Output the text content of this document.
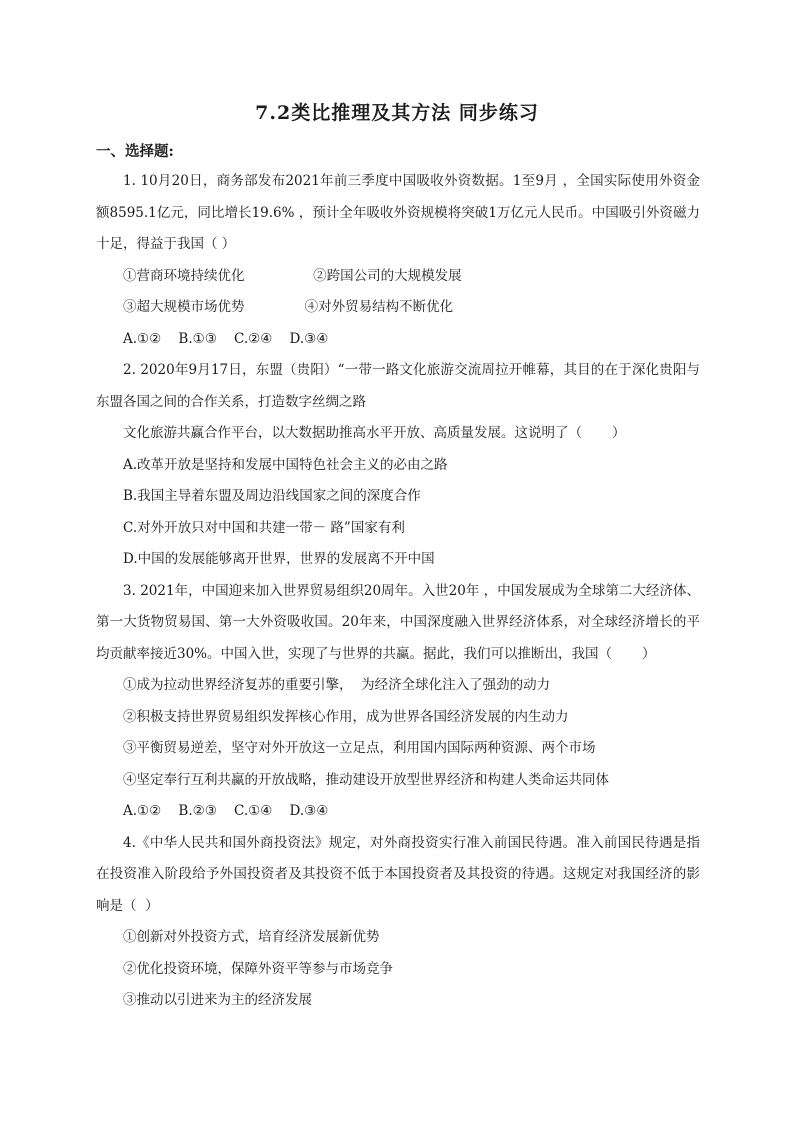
7.2类比推理及其方法 同步练习
一、选择题:

1. 10月20日，商务部发布2021年前三季度中国吸收外资数据。1至9月 ，全国实际使用外资金额8595.1亿元，同比增长19.6% ，预计全年吸收外资规模将突破1万亿元人民币。中国吸引外资磁力十足，得益于我国（ ）

①营商环境持续优化                ②跨国公司的大规模发展

③超大规模市场优势              ④对外贸易结构不断优化

A.①②    B.①③    C.②④    D.③④

2. 2020年9月17日，东盟（贵阳）“一带一路文化旅游交流周拉开帷幕，其目的在于深化贵阳与东盟各国之间的合作关系，打造数字丝绸之路

文化旅游共赢合作平台，以大数据助推高水平开放、高质量发展。这说明了（       ）

A.改革开放是坚持和发展中国特色社会主义的必由之路

B.我国主导着东盟及周边沿线国家之间的深度合作

C.对外开放只对中国和共建一带－ 路”国家有利

D.中国的发展能够离开世界，世界的发展离不开中国

3. 2021年，中国迎来加入世界贸易组织20周年。入世20年 ，中国发展成为全球第二大经济体、第一大货物贸易国、第一大外资吸收国。20年来，中国深度融入世界经济体系，对全球经济增长的平均贡献率接近30%。中国入世，实现了与世界的共赢。据此，我们可以推断出，我国（       ）

①成为拉动世界经济复苏的重要引擎，  为经济全球化注入了强劲的动力

②积极支持世界贸易组织发挥核心作用，成为世界各国经济发展的内生动力

③平衡贸易逆差，坚守对外开放这一立足点，利用国内国际两种资源、两个市场

④坚定奉行互利共赢的开放战略，推动建设开放型世界经济和构建人类命运共同体

A.①②    B.②③    C.①④    D.③④

4.《中华人民共和国外商投资法》规定，对外商投资实行准入前国民待遇。准入前国民待遇是指在投资准入阶段给予外国投资者及其投资不低于本国投资者及其投资的待遇。这规定对我国经济的影响是（  ）

①创新对外投资方式，培育经济发展新优势

②优化投资环境，保障外资平等参与市场竞争

③推动以引进来为主的经济发展
